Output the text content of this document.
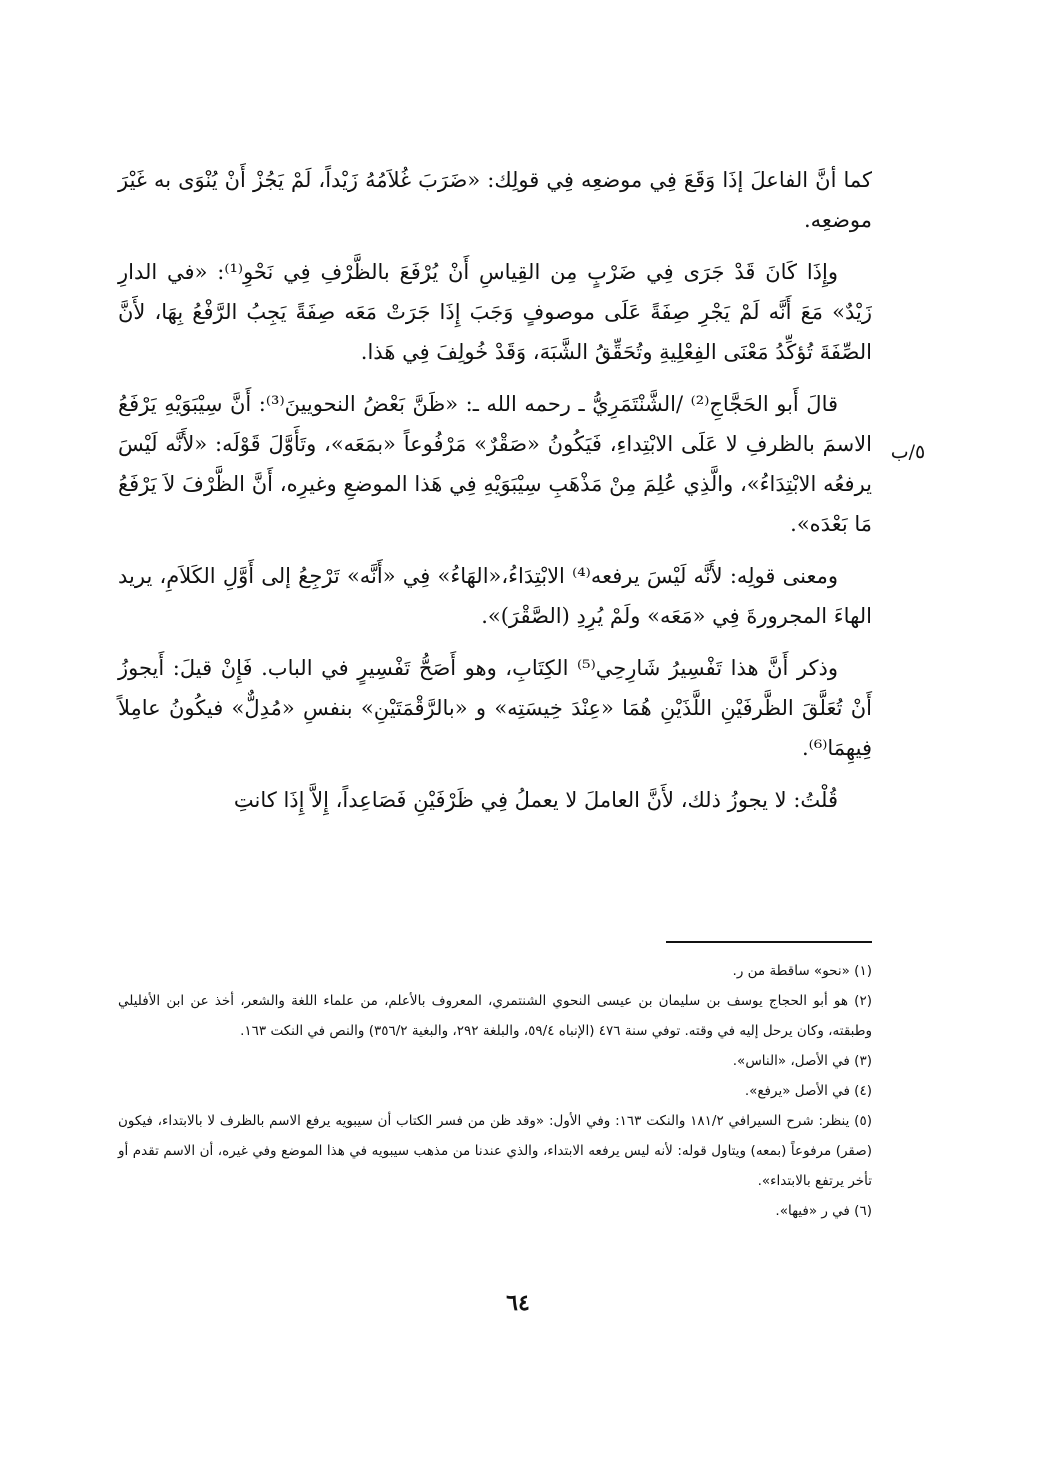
كما أنَّ الفاعلَ إذَا وَقَعَ فِي موضعِه فِي قولِك: «ضَرَبَ غُلاَمُهُ زَيْداً، لَمْ يَجُزْ أَنْ يُنْوَى به غَيْرَ موضعِه.

وإِذَا كَانَ قَدْ جَرَى فِي ضَرْبٍ مِن القِياسِ أَنْ يُرْفَعَ بالظَّرْفِ فِي نَحْوِ⁽¹⁾: «في الدارِ زَيْدٌ» مَعَ أَنَّه لَمْ يَجْرِ صِفَةً عَلَى موصوفٍ وَجَبَ إِذَا جَرَتْ مَعَه صِفَةً يَجِبُ الرَّفْعُ بِهَا، لأَنَّ الصِّفَةَ تُؤكِّدُ مَعْنَى الفِعْلِيةِ وتُحَقِّقُ الشَّبَهَ، وَقَدْ خُولِفَ فِي هَذا.

قالَ أَبو الحَجَّاجِ⁽²⁾ /الشَّنْتَمَرِيُّ ـ رحمه الله ـ: «ظَنَّ بَعْضُ النحويينَ⁽³⁾: أَنَّ سِيْبَوَيْهِ يَرْفَعُ الاسمَ بالظرفِ لا عَلَى الابْتِداءِ، فَيَكُونُ «صَقْرٌ» مَرْفُوعاً «بمَعَه»، وتَأَوَّلَ قَوْلَه: «لأَنَّه لَيْسَ يرفعُه الابْتِدَاءُ»، والَّذِي عُلِمَ مِنْ مَذْهَبِ سِيْبَوَيْهِ فِي هَذا الموضعِ وغيرِه، أَنَّ الظَّرْفَ لاَ يَرْفَعُ مَا بَعْدَه».

ومعنى قولِه: لأَنَّه لَيْسَ يرفعه⁽⁴⁾ الابْتِدَاءُ،«الهَاءُ» فِي «أَنَّه» تَرْجِعُ إلى أَوَّلِ الكَلاَمِ، يريد الهاءَ المجرورةَ فِي «مَعَه» ولَمْ يُرِدِ (الصَّقْرَ)».

وذكر أَنَّ هذا تَفْسِيرُ شَارِحِي⁽⁵⁾ الكِتَابِ، وهو أَصَحُّ تَفْسِيرٍ في الباب. فَإِنْ قيلَ: أَيجوزُ أَنْ تُعَلَّقَ الظَّرفَيْنِ اللَّذَيْنِ هُمَا «عِنْدَ خِيسَتِه» و «بالرَّقْمَتَيْنِ» بنفسِ «مُدِلٌّ» فيكُونُ عامِلاً فِيهِمَا⁽⁶⁾.

قُلْتُ: لا يجوزُ ذلك، لأَنَّ العاملَ لا يعملُ فِي ظَرْفَيْنِ فَصَاعِداً، إِلاَّ إِذَا كانتِ

٥/ب

(١) «نحو» ساقطة من ر.

(٢) هو أبو الحجاج يوسف بن سليمان بن عيسى النحوي الشنتمري، المعروف بالأعلم، من علماء اللغة والشعر، أخذ عن ابن الأفليلي وطبقته، وكان يرحل إليه في وقته. توفي سنة ٤٧٦ (الإنباه ٥٩/٤، والبلغة ٢٩٢، والبغية ٣٥٦/٢) والنص في النكت ١٦٣.

(٣) في الأصل، «الناس».

(٤) في الأصل «يرفع».

(٥) ينظر: شرح السيرافي ١٨١/٢ والنكت ١٦٣: وفي الأول: «وقد ظن من فسر الكتاب أن سيبويه يرفع الاسم بالظرف لا بالابتداء، فيكون (صقر) مرفوعاً (بمعه) ويتاول قوله: لأنه ليس يرفعه الابتداء، والذي عندنا من مذهب سيبويه في هذا الموضع وفي غيره، أن الاسم تقدم أو تأخر يرتفع بالابتداء».

(٦) في ر «فيها».

٦٤
